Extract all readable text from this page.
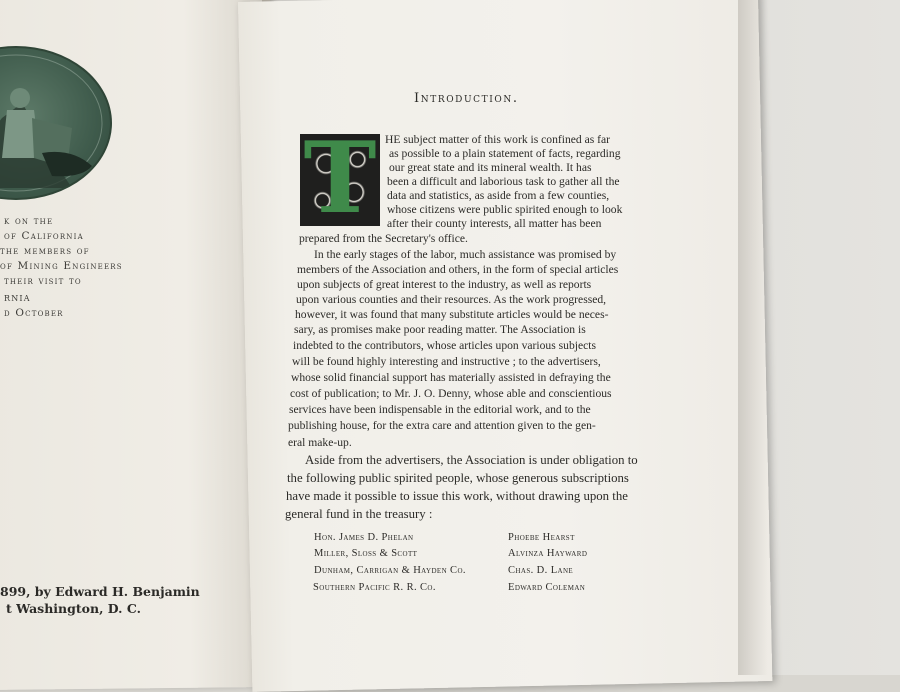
k on the
of California
the members of
of Mining Engineers
their visit to
rnia
d October
899, by Edward H. Benjamin
t Washington, D. C.
Introduction.
T HE subject matter of this work is confined as far
as possible to a plain statement of facts, regarding
our great state and its mineral wealth. It has
been a difficult and laborious task to gather all the
data and statistics, as aside from a few counties,
whose citizens were public spirited enough to look
after their county interests, all matter has been
prepared from the Secretary's office.
In the early stages of the labor, much assistance was promised by
members of the Association and others, in the form of special articles
upon subjects of great interest to the industry, as well as reports
upon various counties and their resources. As the work progressed,
however, it was found that many substitute articles would be neces-
sary, as promises make poor reading matter. The Association is
indebted to the contributors, whose articles upon various subjects
will be found highly interesting and instructive ; to the advertisers,
whose solid financial support has materially assisted in defraying the
cost of publication; to Mr. J. O. Denny, whose able and conscientious
services have been indispensable in the editorial work, and to the
publishing house, for the extra care and attention given to the gen-
eral make-up.
Aside from the advertisers, the Association is under obligation to
the following public spirited people, whose generous subscriptions
have made it possible to issue this work, without drawing upon the
general fund in the treasury :
Hon. James D. Phelan
Miller, Sloss & Scott
Dunham, Carrigan & Hayden Co.
Southern Pacific R. R. Co.
Phoebe Hearst
Alvinza Hayward
Chas. D. Lane
Edward Coleman
